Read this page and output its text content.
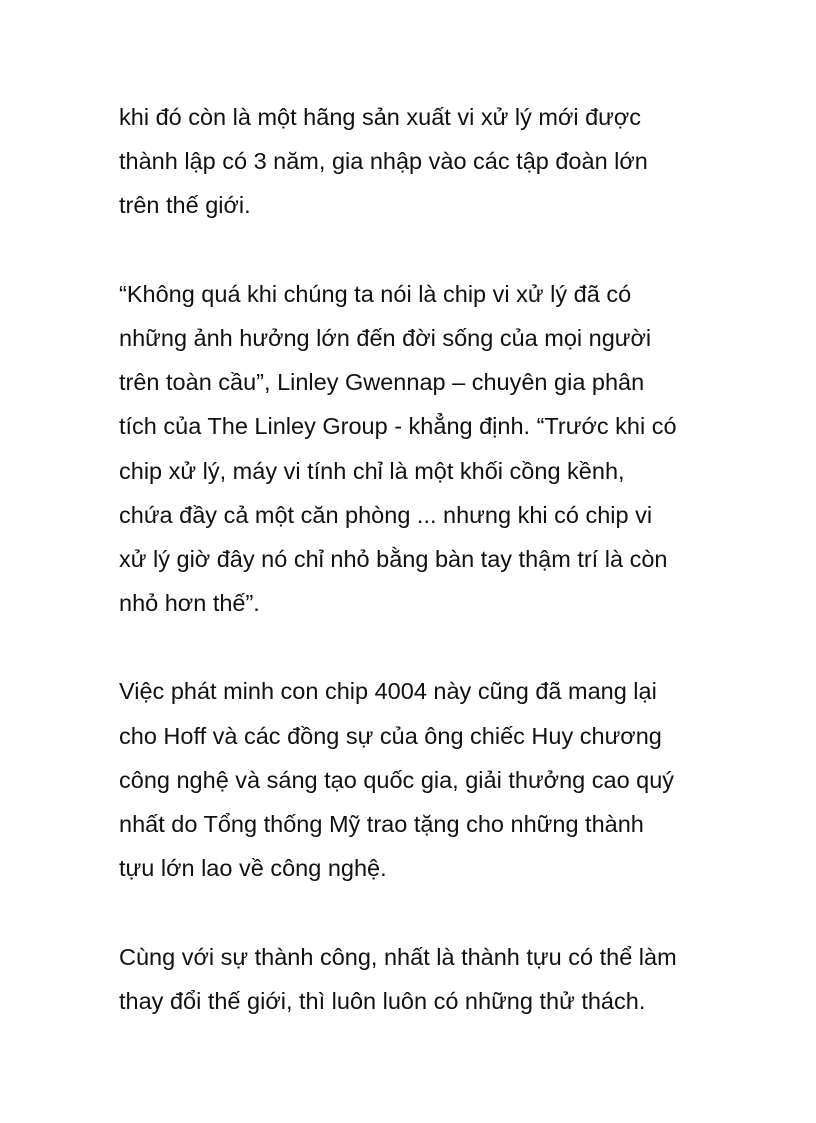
khi đó còn là một hãng sản xuất vi xử lý mới được
thành lập có 3 năm, gia nhập vào các tập đoàn lớn
trên thế giới.
“Không quá khi chúng ta nói là chip vi xử lý đã có
những ảnh hưởng lớn đến đời sống của mọi người
trên toàn cầu”, Linley Gwennap – chuyên gia phân
tích của The Linley Group - khẳng định. “Trước khi có
chip xử lý, máy vi tính chỉ là một khối cồng kềnh,
chứa đầy cả một căn phòng ... nhưng khi có chip vi
xử lý giờ đây nó chỉ nhỏ bằng bàn tay thậm trí là còn
nhỏ hơn thế”.
Việc phát minh con chip 4004 này cũng đã mang lại
cho Hoff và các đồng sự của ông chiếc Huy chương
công nghệ và sáng tạo quốc gia, giải thưởng cao quý
nhất do Tổng thống Mỹ trao tặng cho những thành
tựu lớn lao về công nghệ.
Cùng với sự thành công, nhất là thành tựu có thể làm
thay đổi thế giới, thì luôn luôn có những thử thách.
